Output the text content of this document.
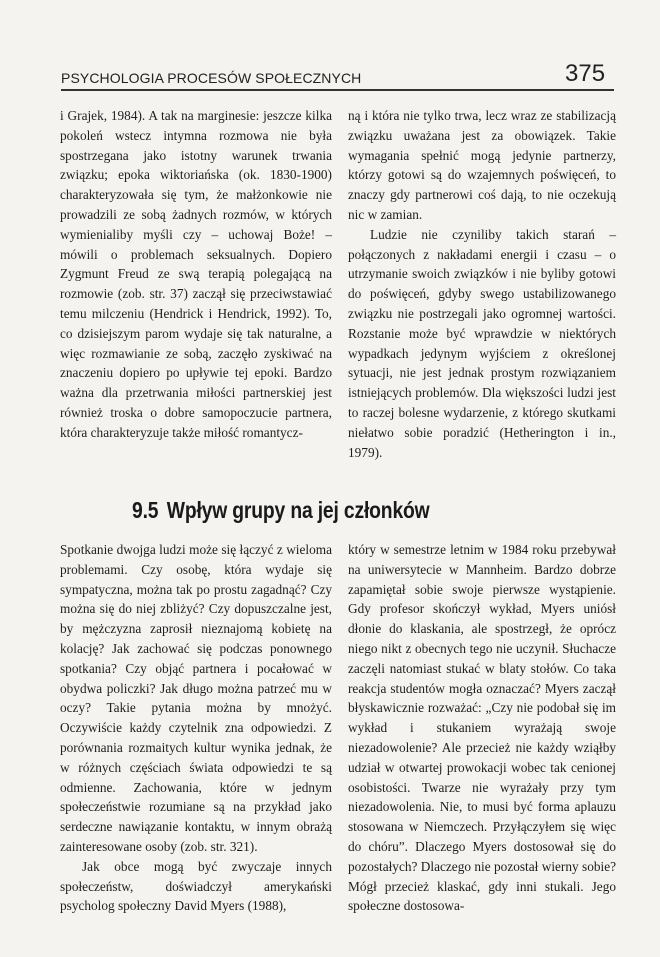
PSYCHOLOGIA PROCESÓW SPOŁECZNYCH	375

i Grajek, 1984). A tak na marginesie: jeszcze kilka pokoleń wstecz intymna rozmowa nie była spostrzegana jako istotny warunek trwania związku; epoka wiktoriańska (ok. 1830-1900) charakteryzowała się tym, że małżonkowie nie prowadzili ze sobą żadnych rozmów, w których wymienialiby myśli czy – uchowaj Boże! – mówili o problemach seksualnych. Dopiero Zygmunt Freud ze swą terapią polegającą na rozmowie (zob. str. 37) zaczął się przeciwstawiać temu milczeniu (Hendrick i Hendrick, 1992). To, co dzisiejszym parom wydaje się tak naturalne, a więc rozmawianie ze sobą, zaczęło zyskiwać na znaczeniu dopiero po upływie tej epoki. Bardzo ważna dla przetrwania miłości partnerskiej jest również troska o dobre samopoczucie partnera, która charakteryzuje także miłość romantycz-

ną i która nie tylko trwa, lecz wraz ze stabilizacją związku uważana jest za obowiązek. Takie wymagania spełnić mogą jedynie partnerzy, którzy gotowi są do wzajemnych poświęceń, to znaczy gdy partnerowi coś dają, to nie oczekują nic w zamian.

Ludzie nie czyniliby takich starań – połączonych z nakładami energii i czasu – o utrzymanie swoich związków i nie byliby gotowi do poświęceń, gdyby swego ustabilizowanego związku nie postrzegali jako ogromnej wartości. Rozstanie może być wprawdzie w niektórych wypadkach jedynym wyjściem z określonej sytuacji, nie jest jednak prostym rozwiązaniem istniejących problemów. Dla większości ludzi jest to raczej bolesne wydarzenie, z którego skutkami niełatwo sobie poradzić (Hetherington i in., 1979).

9.5 Wpływ grupy na jej członków

Spotkanie dwojga ludzi może się łączyć z wieloma problemami. Czy osobę, która wydaje się sympatyczna, można tak po prostu zagadnąć? Czy można się do niej zbliżyć? Czy dopuszczalne jest, by mężczyzna zaprosił nieznajomą kobietę na kolację? Jak zachować się podczas ponownego spotkania? Czy objąć partnera i pocałować w obydwa policzki? Jak długo można patrzeć mu w oczy? Takie pytania można by mnożyć. Oczywiście każdy czytelnik zna odpowiedzi. Z porównania rozmaitych kultur wynika jednak, że w różnych częściach świata odpowiedzi te są odmienne. Zachowania, które w jednym społeczeństwie rozumiane są na przykład jako serdeczne nawiązanie kontaktu, w innym obrażą zainteresowane osoby (zob. str. 321).

Jak obce mogą być zwyczaje innych społeczeństw, doświadczył amerykański psycholog społeczny David Myers (1988),

który w semestrze letnim w 1984 roku przebywał na uniwersytecie w Mannheim. Bardzo dobrze zapamiętał sobie swoje pierwsze wystąpienie. Gdy profesor skończył wykład, Myers uniósł dłonie do klaskania, ale spostrzegł, że oprócz niego nikt z obecnych tego nie uczynił. Słuchacze zaczęli natomiast stukać w blaty stołów. Co taka reakcja studentów mogła oznaczać? Myers zaczął błyskawicznie rozważać: „Czy nie podobał się im wykład i stukaniem wyrażają swoje niezadowolenie? Ale przecież nie każdy wziąłby udział w otwartej prowokacji wobec tak cenionej osobistości. Twarze nie wyrażały przy tym niezadowolenia. Nie, to musi być forma aplauzu stosowana w Niemczech. Przyłączyłem się więc do chóru”. Dlaczego Myers dostosował się do pozostałych? Dlaczego nie pozostał wierny sobie? Mógł przecież klaskać, gdy inni stukali. Jego społeczne dostosowa-
